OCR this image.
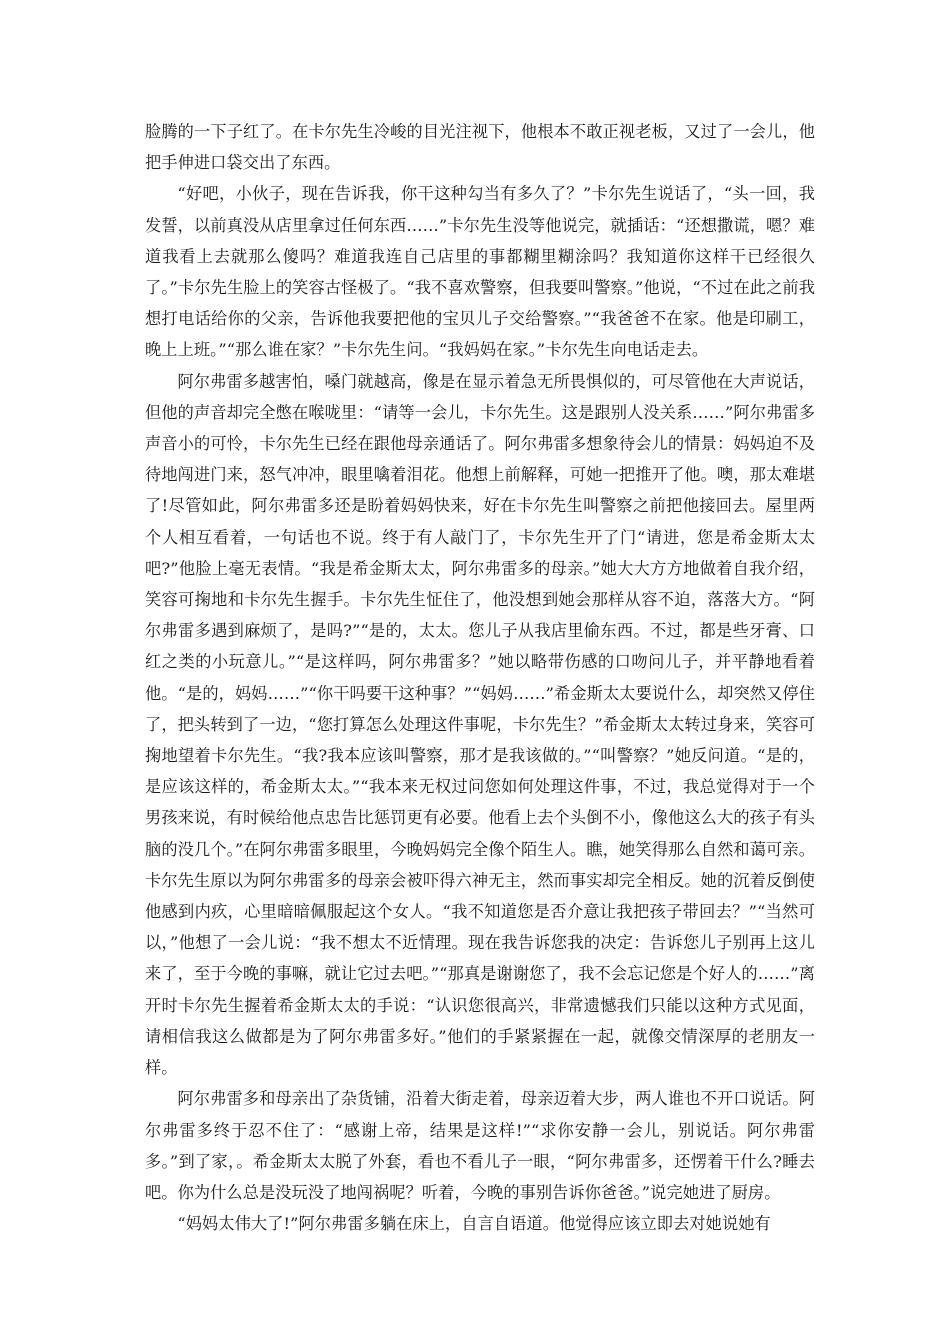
脸腾的一下子红了。在卡尔先生冷峻的目光注视下，他根本不敢正视老板，又过了一会儿，他把手伸进口袋交出了东西。

“好吧，小伙子，现在告诉我，你干这种勾当有多久了？”卡尔先生说话了，“头一回，我发誓，以前真没从店里拿过任何东西……”卡尔先生没等他说完，就插话：“还想撒谎，嗯？难道我看上去就那么傻吗？难道我连自己店里的事都糊里糊涂吗？我知道你这样干已经很久了。”卡尔先生脸上的笑容古怪极了。“我不喜欢警察，但我要叫警察。”他说，“不过在此之前我想打电话给你的父亲，告诉他我要把他的宝贝儿子交给警察。”“我爸爸不在家。他是印刷工，晚上上班。”“那么谁在家？”卡尔先生问。“我妈妈在家。”卡尔先生向电话走去。

阿尔弗雷多越害怕，嗓门就越高，像是在显示着急无所畏惧似的，可尽管他在大声说话，但他的声音却完全憋在喉咙里：“请等一会儿，卡尔先生。这是跟别人没关系……”阿尔弗雷多声音小的可怜，卡尔先生已经在跟他母亲通话了。阿尔弗雷多想象待会儿的情景：妈妈迫不及待地闯进门来，怒气冲冲，眼里噙着泪花。他想上前解释，可她一把推开了他。噢，那太难堪了!尽管如此，阿尔弗雷多还是盼着妈妈快来，好在卡尔先生叫警察之前把他接回去。屋里两个人相互看着，一句话也不说。终于有人敲门了，卡尔先生开了门“请进，您是希金斯太太吧?”他脸上毫无表情。“我是希金斯太太，阿尔弗雷多的母亲。”她大大方方地做着自我介绍，笑容可掬地和卡尔先生握手。卡尔先生怔住了，他没想到她会那样从容不迫，落落大方。“阿尔弗雷多遇到麻烦了，是吗?”“是的，太太。您儿子从我店里偷东西。不过，都是些牙膏、口红之类的小玩意儿。”“是这样吗，阿尔弗雷多？”她以略带伤感的口吻问儿子，并平静地看着他。“是的，妈妈……”“你干吗要干这种事？”“妈妈……”希金斯太太要说什么，却突然又停住了，把头转到了一边，“您打算怎么处理这件事呢，卡尔先生？”希金斯太太转过身来，笑容可掬地望着卡尔先生。“我?我本应该叫警察，那才是我该做的。”“叫警察？”她反问道。“是的，是应该这样的，希金斯太太。”“我本来无权过问您如何处理这件事，不过，我总觉得对于一个男孩来说，有时候给他点忠告比惩罚更有必要。他看上去个头倒不小，像他这么大的孩子有头脑的没几个。”在阿尔弗雷多眼里，今晚妈妈完全像个陌生人。瞧，她笑得那么自然和蔼可亲。卡尔先生原以为阿尔弗雷多的母亲会被吓得六神无主，然而事实却完全相反。她的沉着反倒使他感到内疚，心里暗暗佩服起这个女人。“我不知道您是否介意让我把孩子带回去？”“当然可以，”他想了一会儿说：“我不想太不近情理。现在我告诉您我的决定：告诉您儿子别再上这儿来了，至于今晚的事嘛，就让它过去吧。”“那真是谢谢您了，我不会忘记您是个好人的……”离开时卡尔先生握着希金斯太太的手说：“认识您很高兴，非常遗憾我们只能以这种方式见面，请相信我这么做都是为了阿尔弗雷多好。”他们的手紧紧握在一起，就像交情深厚的老朋友一样。

阿尔弗雷多和母亲出了杂货铺，沿着大街走着，母亲迈着大步，两人谁也不开口说话。阿尔弗雷多终于忍不住了：“感谢上帝，结果是这样!”“求你安静一会儿，别说话。阿尔弗雷多。”到了家，。希金斯太太脱了外套，看也不看儿子一眼，“阿尔弗雷多，还愣着干什么?睡去吧。你为什么总是没玩没了地闯祸呢？听着，今晚的事别告诉你爸爸。”说完她进了厨房。

“妈妈太伟大了!”阿尔弗雷多躺在床上，自言自语道。他觉得应该立即去对她说她有
